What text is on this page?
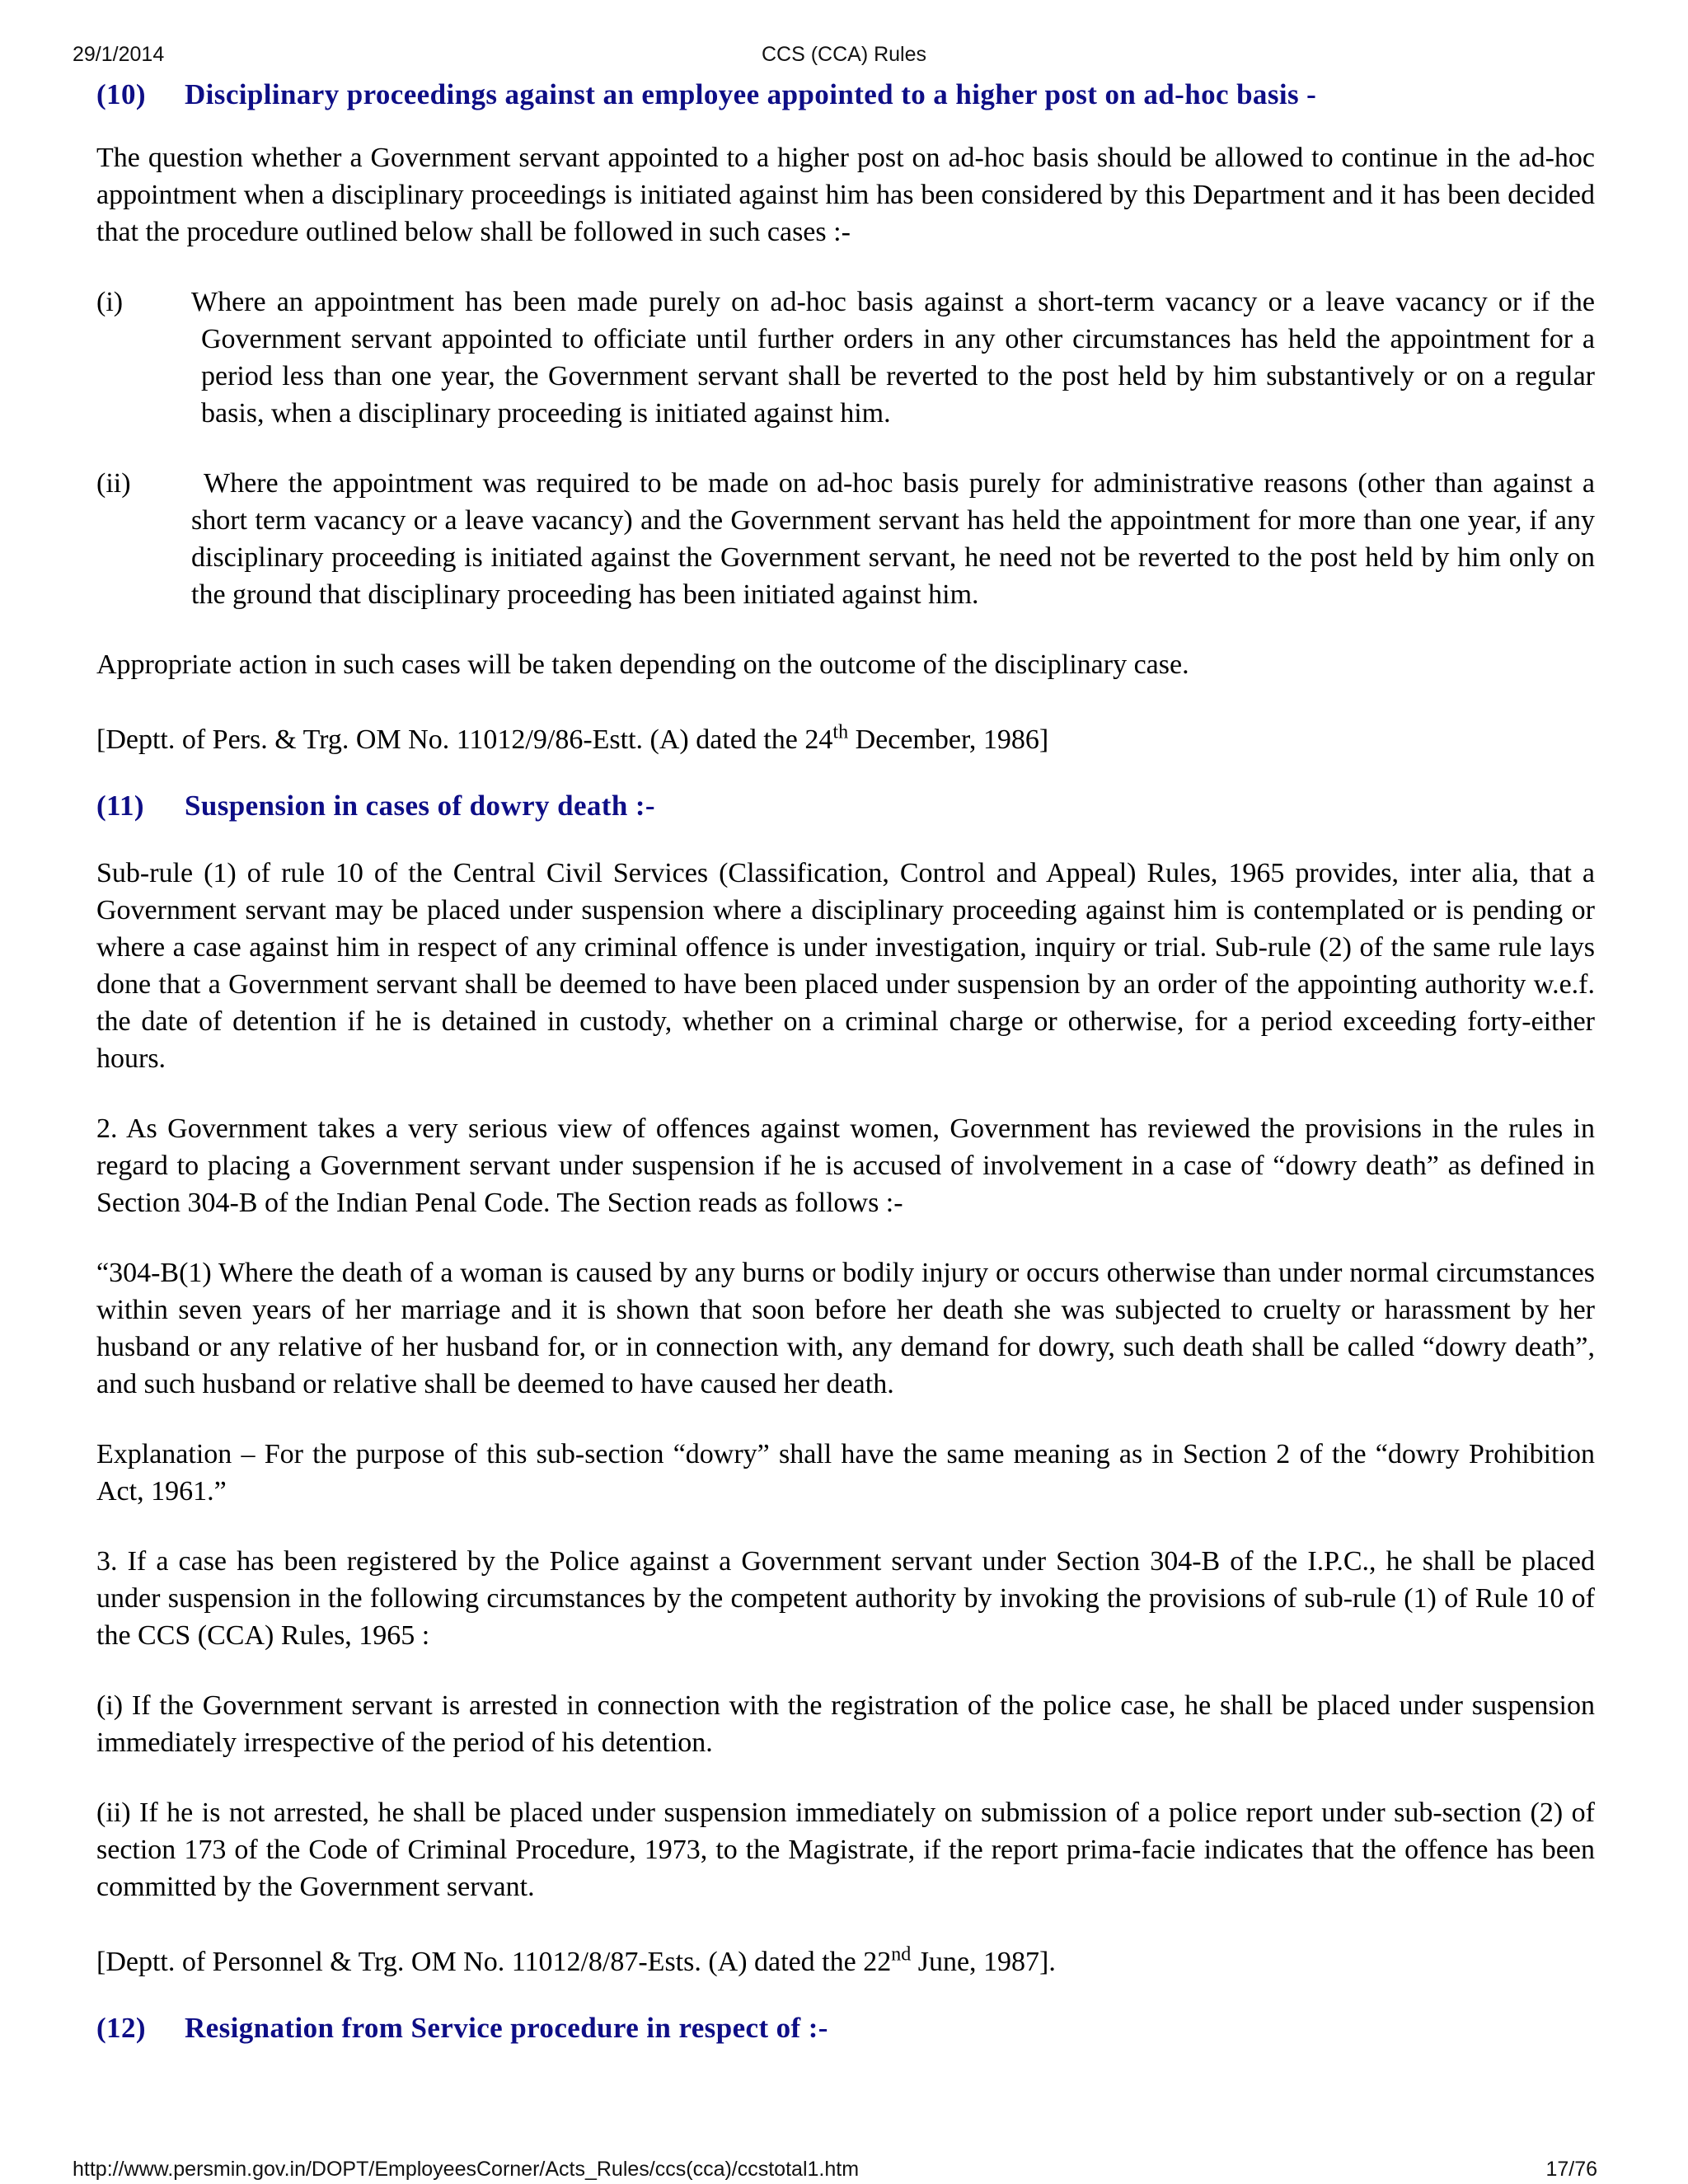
29/1/2014	CCS (CCA) Rules
(10) Disciplinary proceedings against an employee appointed to a higher post on ad-hoc basis -

The question whether a Government servant appointed to a higher post on ad-hoc basis should be allowed to continue in the ad-hoc appointment when a disciplinary proceedings is initiated against him has been considered by this Department and it has been decided that the procedure outlined below shall be followed in such cases :-

(i)	Where an appointment has been made purely on ad-hoc basis against a short-term vacancy or a leave vacancy or if the Government servant appointed to officiate until further orders in any other circumstances has held the appointment for a period less than one year, the Government servant shall be reverted to the post held by him substantively or on a regular basis, when a disciplinary proceeding is initiated against him.
(ii)	Where the appointment was required to be made on ad-hoc basis purely for administrative reasons (other than against a short term vacancy or a leave vacancy) and the Government servant has held the appointment for more than one year, if any disciplinary proceeding is initiated against the Government servant, he need not be reverted to the post held by him only on the ground that disciplinary proceeding has been initiated against him.

Appropriate action in such cases will be taken depending on the outcome of the disciplinary case.

[Deptt. of Pers. & Trg. OM No. 11012/9/86-Estt. (A) dated the 24th December, 1986]

(11) Suspension in cases of dowry death :-

Sub-rule (1) of rule 10 of the Central Civil Services (Classification, Control and Appeal) Rules, 1965 provides, inter alia, that a Government servant may be placed under suspension where a disciplinary proceeding against him is contemplated or is pending or where a case against him in respect of any criminal offence is under investigation, inquiry or trial. Sub-rule (2) of the same rule lays done that a Government servant shall be deemed to have been placed under suspension by an order of the appointing authority w.e.f. the date of detention if he is detained in custody, whether on a criminal charge or otherwise, for a period exceeding forty-either hours.

2. As Government takes a very serious view of offences against women, Government has reviewed the provisions in the rules in regard to placing a Government servant under suspension if he is accused of involvement in a case of “dowry death” as defined in Section 304-B of the Indian Penal Code. The Section reads as follows :-

“304-B(1) Where the death of a woman is caused by any burns or bodily injury or occurs otherwise than under normal circumstances within seven years of her marriage and it is shown that soon before her death she was subjected to cruelty or harassment by her husband or any relative of her husband for, or in connection with, any demand for dowry, such death shall be called “dowry death”, and such husband or relative shall be deemed to have caused her death.

Explanation – For the purpose of this sub-section “dowry” shall have the same meaning as in Section 2 of the “dowry Prohibition Act, 1961.”

3. If a case has been registered by the Police against a Government servant under Section 304-B of the I.P.C., he shall be placed under suspension in the following circumstances by the competent authority by invoking the provisions of sub-rule (1) of Rule 10 of the CCS (CCA) Rules, 1965 :

(i) If the Government servant is arrested in connection with the registration of the police case, he shall be placed under suspension immediately irrespective of the period of his detention.

(ii) If he is not arrested, he shall be placed under suspension immediately on submission of a police report under sub-section (2) of section 173 of the Code of Criminal Procedure, 1973, to the Magistrate, if the report prima-facie indicates that the offence has been committed by the Government servant.

[Deptt. of Personnel & Trg. OM No. 11012/8/87-Ests. (A) dated the 22nd June, 1987].

(12) Resignation from Service procedure in respect of :-
http://www.persmin.gov.in/DOPT/EmployeesCorner/Acts_Rules/ccs(cca)/ccstotal1.htm	17/76
